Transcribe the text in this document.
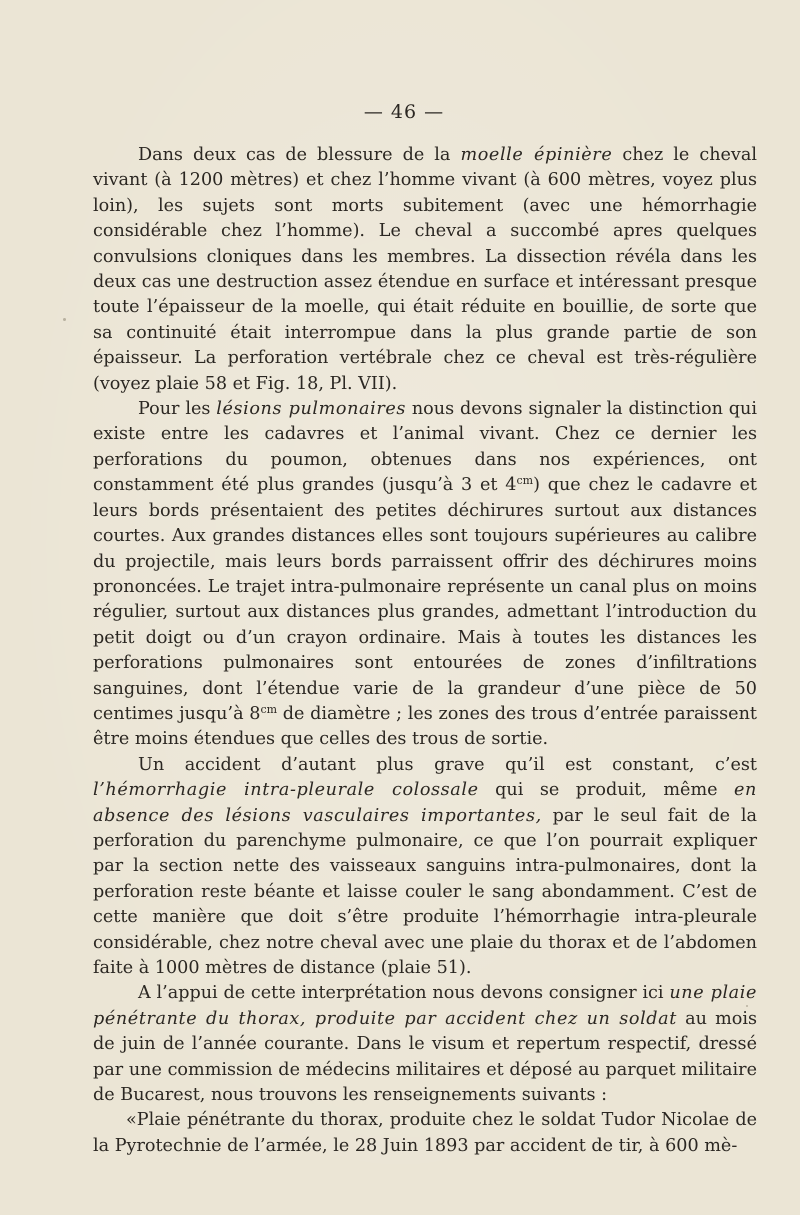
— 46 —

Dans deux cas de blessure de la moelle épinière chez le cheval vivant (à 1200 mètres) et chez l’homme vivant (à 600 mètres, voyez plus loin), les sujets sont morts subitement (avec une hémorrhagie considérable chez l’homme). Le cheval a succombé apres quelques convulsions cloniques dans les membres. La dissection révéla dans les deux cas une destruction assez étendue en surface et intéressant presque toute l’épaisseur de la moelle, qui était réduite en bouillie, de sorte que sa continuité était interrompue dans la plus grande partie de son épaisseur. La perforation vertébrale chez ce cheval est très-régulière (voyez plaie 58 et Fig. 18, Pl. VII).

Pour les lésions pulmonaires nous devons signaler la distinction qui existe entre les cadavres et l’animal vivant. Chez ce dernier les perforations du poumon, obtenues dans nos expériences, ont constamment été plus grandes (jusqu’à 3 et $4^{cm}$) que chez le cadavre et leurs bords présentaient des petites déchirures surtout aux distances courtes. Aux grandes distances elles sont toujours supérieures au calibre du projectile, mais leurs bords parraissent offrir des déchirures moins prononcées. Le trajet intra-pulmonaire représente un canal plus on moins régulier, surtout aux distances plus grandes, admettant l’introduction du petit doigt ou d’un crayon ordinaire. Mais à toutes les distances les perforations pulmonaires sont entourées de zones d’infiltrations sanguines, dont l’étendue varie de la grandeur d’une pièce de 50 centimes jusqu’à $8^{cm}$ de diamètre ; les zones des trous d’entrée paraissent être moins étendues que celles des trous de sortie.

Un accident d’autant plus grave qu’il est constant, c’est l’hémorrhagie intra-pleurale colossale qui se produit, même en absence des lésions vasculaires importantes, par le seul fait de la perforation du parenchyme pulmonaire, ce que l’on pourrait expliquer par la section nette des vaisseaux sanguins intra-pulmonaires, dont la perforation reste béante et laisse couler le sang abondamment. C’est de cette manière que doit s’être produite l’hémorrhagie intra-pleurale considérable, chez notre cheval avec une plaie du thorax et de l’abdomen faite à 1000 mètres de distance (plaie 51).

A l’appui de cette interprétation nous devons consigner ici une plaie pénétrante du thorax, produite par accident chez un soldat au mois de juin de l’année courante. Dans le visum et repertum respectif, dressé par une commission de médecins militaires et déposé au parquet militaire de Bucarest, nous trouvons les renseignements suivants :

«Plaie pénétrante du thorax, produite chez le soldat Tudor Nicolae de la Pyrotechnie de l’armée, le 28 Juin 1893 par accident de tir, à 600 mè-
